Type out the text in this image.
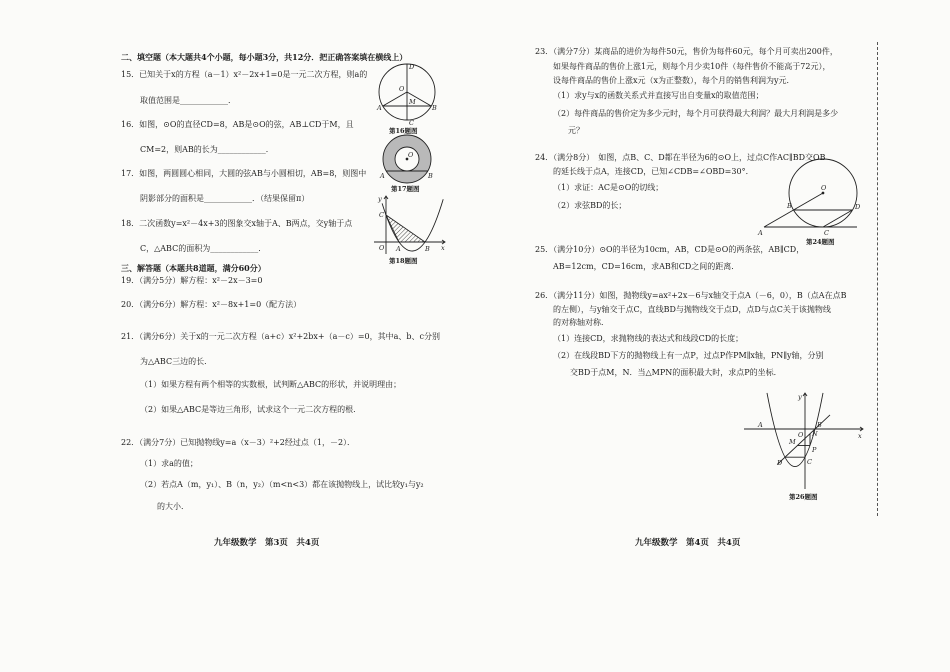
二、填空题（本大题共4个小题，每小题3分，共12分．把正确答案填在横线上）
15．已知关于x的方程（a－1）x²－2x+1=0是一元二次方程，则a的
取值范围是____________．
16．如图，⊙O的直径CD=8，AB是⊙O的弦，AB⊥CD于M，且
CM=2，则AB的长为____________．
17．如图，两圆圆心相同，大圆的弦AB与小圆相切，AB=8，则图中
阴影部分的面积是____________．（结果保留π）
18．二次函数y=x²－4x+3的图象交x轴于A、B两点，交y轴于点
C，△ABC的面积为____________．
三、解答题（本题共8道题，满分60分）
19．（满分5分）解方程：x²－2x－3=0
20．（满分6分）解方程：x²－8x+1=0（配方法）
21．（满分6分）关于x的一元二次方程（a+c）x²+2bx+（a－c）=0，其中a、b、c分别
为△ABC三边的长．
（1）如果方程有两个相等的实数根，试判断△ABC的形状，并说明理由；
（2）如果△ABC是等边三角形，试求这个一元二次方程的根．
22．（满分7分）已知抛物线y=a（x－3）²+2经过点（1，－2）．
（1）求a的值；
（2）若点A（m，y₁）、B（n，y₂）（m<n<3）都在该抛物线上，试比较y₁与y₂
的大小．
九年级数学　第3页　共4页
D
O
A
M
B
C
第16题图
O
A	B
第17题图
y
C
O A	B x
第18题图
23．（满分7分）某商品的进价为每件50元，售价为每件60元，每个月可卖出200件，
如果每件商品的售价上涨1元，则每个月少卖10件（每件售价不能高于72元），
设每件商品的售价上涨x元（x为正整数），每个月的销售利润为y元．
（1）求y与x的函数关系式并直接写出自变量x的取值范围；
（2）每件商品的售价定为多少元时，每个月可获得最大利润？最大月利润是多少
元？
24．（满分8分）　如图，点B、C、D都在半径为6的⊙O上，过点C作AC∥BD交OB
的延长线于点A，连接CD，已知∠CDB=∠OBD=30°．
（1）求证：AC是⊙O的切线；
（2）求弦BD的长；
25．（满分10分）⊙O的半径为10cm，AB，CD是⊙O的两条弦，AB∥CD，
AB=12cm，CD=16cm，求AB和CD之间的距离．
26．（满分11分）如图，抛物线y=ax²+2x－6与x轴交于点A（－6，0），B（点A在点B
的左侧），与y轴交于点C，直线BD与抛物线交于点D，点D与点C关于该抛物线
的对称轴对称．
（1）连接CD，求抛物线的表达式和线段CD的长度；
（2）在线段BD下方的抛物线上有一点P，过点P作PM∥x轴，PN∥y轴，分别
交BD于点M，N．当△MPN的面积最大时，求点P的坐标．
九年级数学　第4页　共4页
A
B
O
D
C
第24题图
y
x
A
O
B
C
D
M
N
P
第26题图
